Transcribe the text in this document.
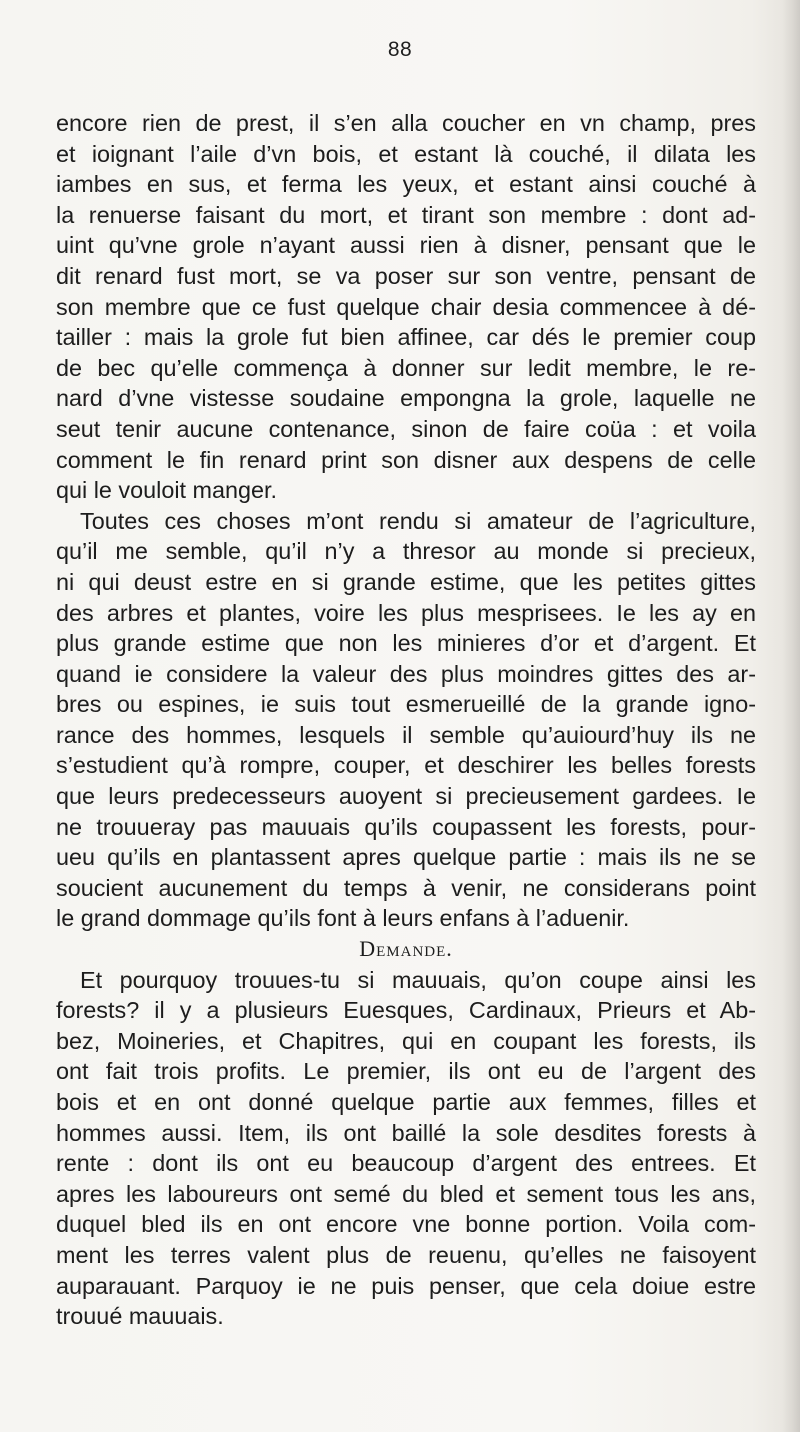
88
encore rien de prest, il s’en alla coucher en vn champ, pres
et ioignant l’aile d’vn bois, et estant là couché, il dilata les
iambes en sus, et ferma les yeux, et estant ainsi couché à
la renuerse faisant du mort, et tirant son membre : dont ad-
uint qu’vne grole n’ayant aussi rien à disner, pensant que le
dit renard fust mort, se va poser sur son ventre, pensant de
son membre que ce fust quelque chair desia commencee à dé-
tailler : mais la grole fut bien affinee, car dés le premier coup
de bec qu’elle commença à donner sur ledit membre, le re-
nard d’vne vistesse soudaine empongna la grole, laquelle ne
seut tenir aucune contenance, sinon de faire coüa : et voila
comment le fin renard print son disner aux despens de celle
qui le vouloit manger.
Toutes ces choses m’ont rendu si amateur de l’agriculture,
qu’il me semble, qu’il n’y a thresor au monde si precieux,
ni qui deust estre en si grande estime, que les petites gittes
des arbres et plantes, voire les plus mesprisees. Ie les ay en
plus grande estime que non les minieres d’or et d’argent. Et
quand ie considere la valeur des plus moindres gittes des ar-
bres ou espines, ie suis tout esmerueillé de la grande igno-
rance des hommes, lesquels il semble qu’auiourd’huy ils ne
s’estudient qu’à rompre, couper, et deschirer les belles forests
que leurs predecesseurs auoyent si precieusement gardees. Ie
ne trouueray pas mauuais qu’ils coupassent les forests, pour-
ueu qu’ils en plantassent apres quelque partie : mais ils ne se
soucient aucunement du temps à venir, ne considerans point
le grand dommage qu’ils font à leurs enfans à l’aduenir.
Demande.
Et pourquoy trouues-tu si mauuais, qu’on coupe ainsi les
forests? il y a plusieurs Euesques, Cardinaux, Prieurs et Ab-
bez, Moineries, et Chapitres, qui en coupant les forests, ils
ont fait trois profits. Le premier, ils ont eu de l’argent des
bois et en ont donné quelque partie aux femmes, filles et
hommes aussi. Item, ils ont baillé la sole desdites forests à
rente : dont ils ont eu beaucoup d’argent des entrees. Et
apres les laboureurs ont semé du bled et sement tous les ans,
duquel bled ils en ont encore vne bonne portion. Voila com-
ment les terres valent plus de reuenu, qu’elles ne faisoyent
auparauant. Parquoy ie ne puis penser, que cela doiue estre
trouué mauuais.
